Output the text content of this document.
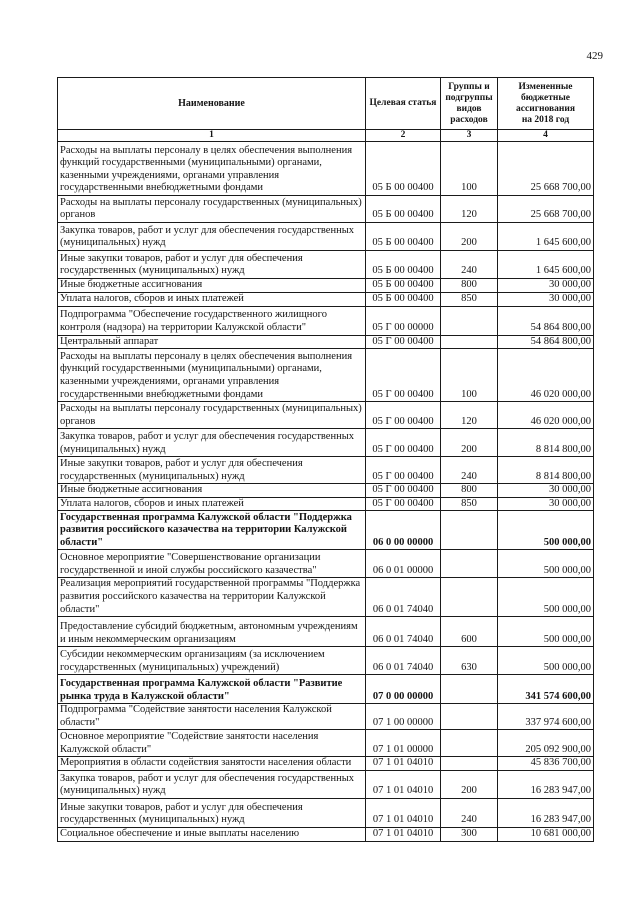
429
Наименование	Целевая статья	Группы и подгруппы видов расходов	Измененные бюджетные ассигнования на 2018 год
1	2	3	4
Расходы на выплаты персоналу в целях обеспечения выполнения функций государственными (муниципальными) органами, казенными учреждениями, органами управления государственными внебюджетными фондами	05 Б 00 00400	100	25 668 700,00
Расходы на выплаты персоналу государственных (муниципальных) органов	05 Б 00 00400	120	25 668 700,00
Закупка товаров, работ и услуг для обеспечения государственных (муниципальных) нужд	05 Б 00 00400	200	1 645 600,00
Иные закупки товаров, работ и услуг для обеспечения государственных (муниципальных) нужд	05 Б 00 00400	240	1 645 600,00
Иные бюджетные ассигнования	05 Б 00 00400	800	30 000,00
Уплата налогов, сборов и иных платежей	05 Б 00 00400	850	30 000,00
Подпрограмма "Обеспечение государственного жилищного контроля (надзора) на территории Калужской области"	05 Г 00 00000		54 864 800,00
Центральный аппарат	05 Г 00 00400		54 864 800,00
Расходы на выплаты персоналу в целях обеспечения выполнения функций государственными (муниципальными) органами, казенными учреждениями, органами управления государственными внебюджетными фондами	05 Г 00 00400	100	46 020 000,00
Расходы на выплаты персоналу государственных (муниципальных) органов	05 Г 00 00400	120	46 020 000,00
Закупка товаров, работ и услуг для обеспечения государственных (муниципальных) нужд	05 Г 00 00400	200	8 814 800,00
Иные закупки товаров, работ и услуг для обеспечения государственных (муниципальных) нужд	05 Г 00 00400	240	8 814 800,00
Иные бюджетные ассигнования	05 Г 00 00400	800	30 000,00
Уплата налогов, сборов и иных платежей	05 Г 00 00400	850	30 000,00
Государственная программа Калужской области "Поддержка развития российского казачества на территории Калужской области"	06 0 00 00000		500 000,00
Основное мероприятие "Совершенствование организации государственной и иной службы российского казачества"	06 0 01 00000		500 000,00
Реализация мероприятий государственной программы "Поддержка развития российского казачества на территории Калужской области"	06 0 01 74040		500 000,00
Предоставление субсидий бюджетным, автономным учреждениям и иным некоммерческим организациям	06 0 01 74040	600	500 000,00
Субсидии некоммерческим организациям (за исключением государственных (муниципальных) учреждений)	06 0 01 74040	630	500 000,00
Государственная программа Калужской области "Развитие рынка труда в Калужской области"	07 0 00 00000		341 574 600,00
Подпрограмма "Содействие занятости населения Калужской области"	07 1 00 00000		337 974 600,00
Основное мероприятие "Содействие занятости населения Калужской области"	07 1 01 00000		205 092 900,00
Мероприятия в области содействия занятости населения области	07 1 01 04010		45 836 700,00
Закупка товаров, работ и услуг для обеспечения государственных (муниципальных) нужд	07 1 01 04010	200	16 283 947,00
Иные закупки товаров, работ и услуг для обеспечения государственных (муниципальных) нужд	07 1 01 04010	240	16 283 947,00
Социальное обеспечение и иные выплаты населению	07 1 01 04010	300	10 681 000,00
